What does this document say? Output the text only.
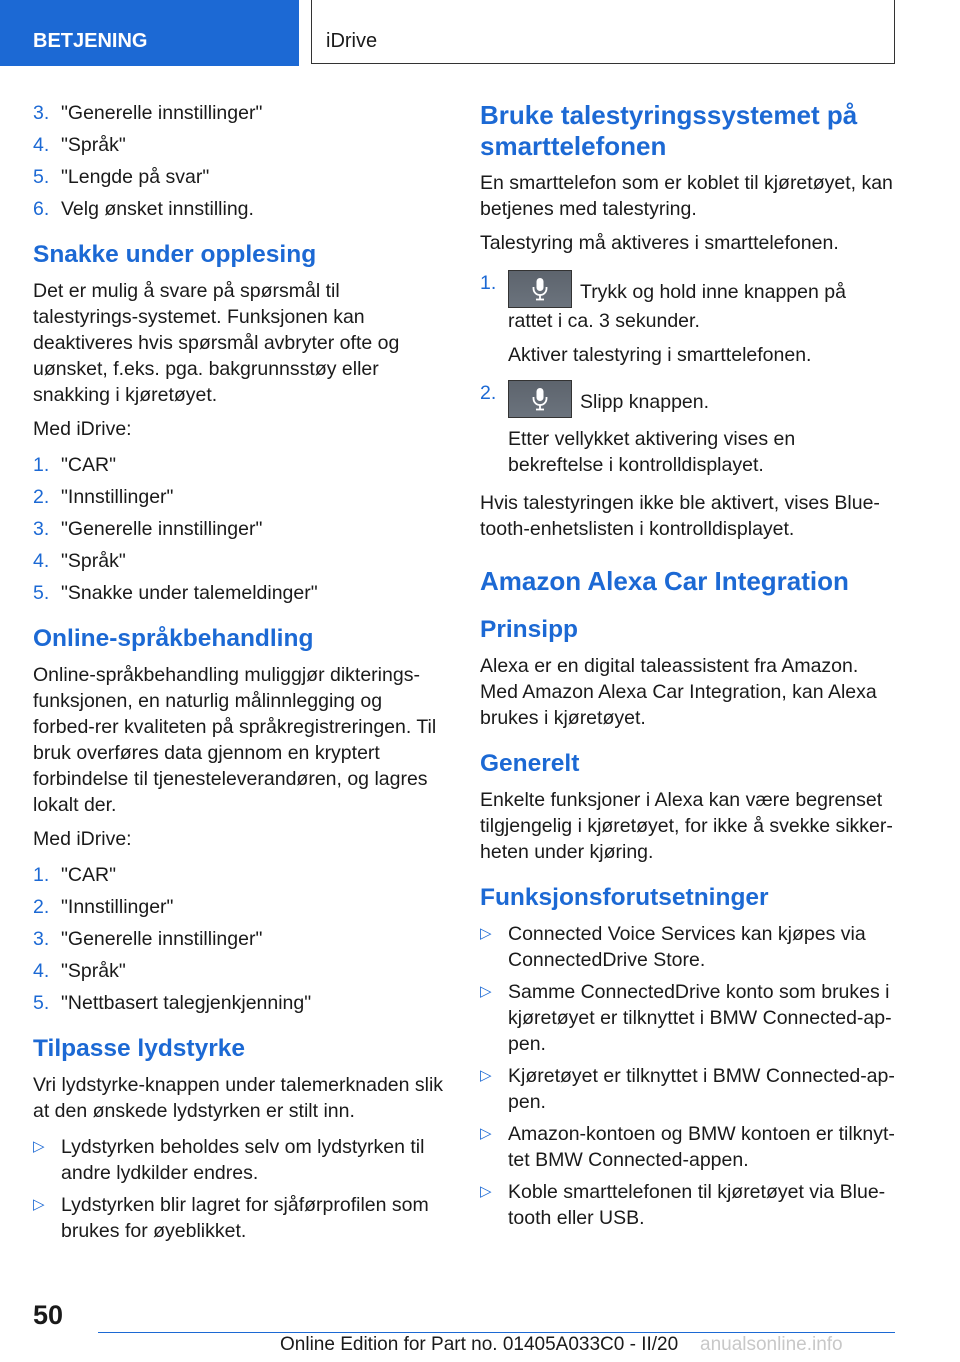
BETJENING	iDrive
3. "Generelle innstillinger"
4. "Språk"
5. "Lengde på svar"
6. Velg ønsket innstilling.
Snakke under opplesing

Det er mulig å svare på spørsmål til talestyrings-systemet. Funksjonen kan deaktiveres hvis spørsmål avbryter ofte og uønsket, f.eks. pga. bakgrunnsstøy eller snakking i kjøretøyet.

Med iDrive:

1. "CAR"
2. "Innstillinger"
3. "Generelle innstillinger"
4. "Språk"
5. "Snakke under talemeldinger"
Online-språkbehandling

Online-språkbehandling muliggjør dikterings-funksjonen, en naturlig målinnlegging og forbed-rer kvaliteten på språkregistreringen. Til bruk overføres data gjennom en kryptert forbindelse til tjenesteleverandøren, og lagres lokalt der.

Med iDrive:

1. "CAR"
2. "Innstillinger"
3. "Generelle innstillinger"
4. "Språk"
5. "Nettbasert talegjenkjenning"
Tilpasse lydstyrke

Vri lydstyrke-knappen under talemerknaden slik at den ønskede lydstyrken er stilt inn.

▷ Lydstyrken beholdes selv om lydstyrken til andre lydkilder endres.
▷ Lydstyrken blir lagret for sjåførprofilen som brukes for øyeblikket.
Bruke talestyringssystemet på smarttelefonen

En smarttelefon som er koblet til kjøretøyet, kan betjenes med talestyring.

Talestyring må aktiveres i smarttelefonen.

1.	Trykk og hold inne knappen på rattet i ca. 3 sekunder.
Aktiver talestyring i smarttelefonen.
2.	Slipp knappen.
Etter vellykket aktivering vises en bekreftelse i kontrolldisplayet.

Hvis talestyringen ikke ble aktivert, vises Blue-tooth-enhetslisten i kontrolldisplayet.

Amazon Alexa Car Integration
Prinsipp

Alexa er en digital taleassistent fra Amazon. Med Amazon Alexa Car Integration, kan Alexa brukes i kjøretøyet.

Generelt

Enkelte funksjoner i Alexa kan være begrenset tilgjengelig i kjøretøyet, for ikke å svekke sikker-heten under kjøring.

Funksjonsforutsetninger
▷ Connected Voice Services kan kjøpes via ConnectedDrive Store.
▷ Samme ConnectedDrive konto som brukes i kjøretøyet er tilknyttet i BMW Connected-ap-pen.
▷ Kjøretøyet er tilknyttet i BMW Connected-ap-pen.
▷ Amazon-kontoen og BMW kontoen er tilknyt-tet BMW Connected-appen.
▷ Koble smarttelefonen til kjøretøyet via Blue-tooth eller USB.
50
Online Edition for Part no. 01405A033C0 - II/20	anualsonline.info
